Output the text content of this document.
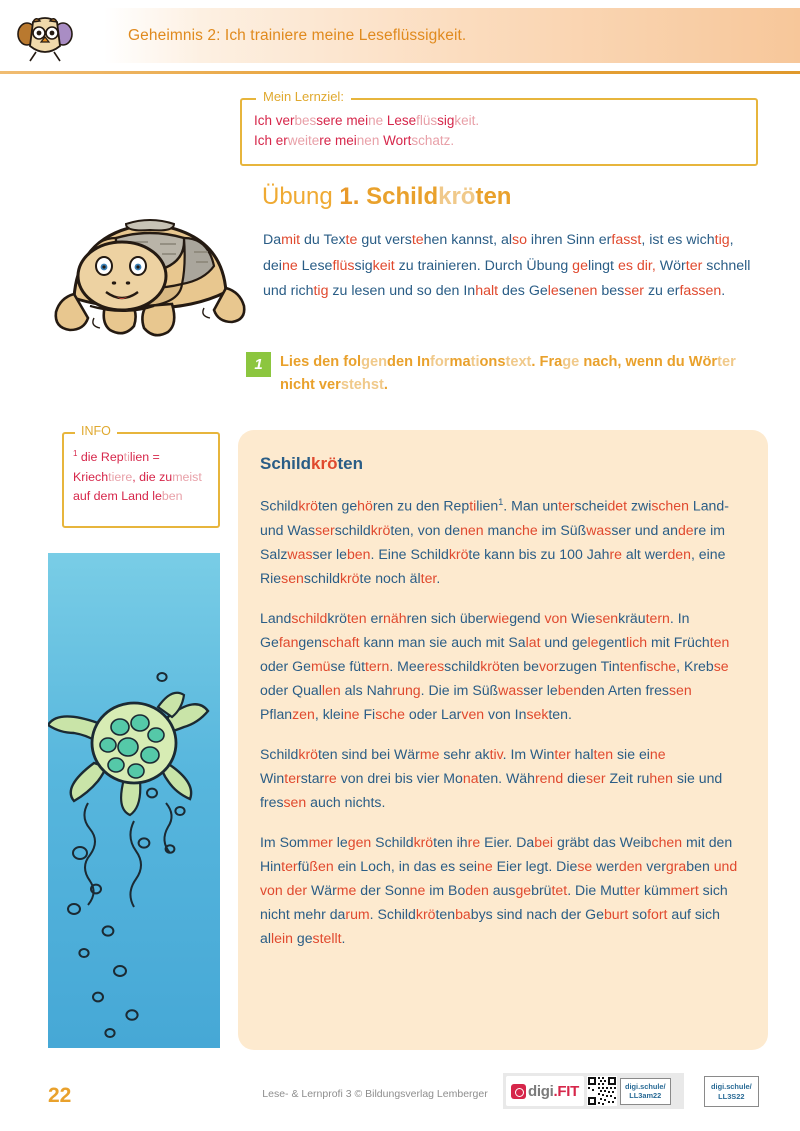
Geheimnis 2: Ich trainiere meine Leseflüssigkeit.
Mein Lernziel:
Ich verbessere meine Leseflüssigkeit.
Ich erweitere meinen Wortschatz.
Übung 1. Schildkröten
Damit du Texte gut verstehen kannst, also ihren Sinn erfasst, ist es wichtig, deine Leseflüssigkeit zu trainieren. Durch Übung gelingt es dir, Wörter schnell und richtig zu lesen und so den Inhalt des Gelesenen besser zu erfassen.
1	Lies den folgenden Informationstext. Frage nach, wenn du Wörter nicht verstehst.
INFO
$^1$ die Reptilien = Kriechtiere, die zumeist auf dem Land leben
Schildkröten

Schildkröten gehören zu den Reptilien$^1$. Man unterscheidet zwischen Land- und Wasserschildkröten, von denen manche im Süßwasser und andere im Salzwasser leben. Eine Schildkröte kann bis zu 100 Jahre alt werden, eine Riesenschildkröte noch älter.

Landschildkröten ernähren sich überwiegend von Wiesenkräutern. In Gefangenschaft kann man sie auch mit Salat und gelegentlich mit Früchten oder Gemüse füttern. Meeresschildkröten bevorzugen Tintenfische, Krebse oder Quallen als Nahrung. Die im Süßwasser lebenden Arten fressen Pflanzen, kleine Fische oder Larven von Insekten.

Schildkröten sind bei Wärme sehr aktiv. Im Winter halten sie eine Winterstarre von drei bis vier Monaten. Während dieser Zeit ruhen sie und fressen auch nichts.

Im Sommer legen Schildkröten ihre Eier. Dabei gräbt das Weibchen mit den Hinterfüßen ein Loch, in das es seine Eier legt. Diese werden vergraben und von der Wärme der Sonne im Boden ausgebrütet. Die Mutter kümmert sich nicht mehr darum. Schildkrötenbabys sind nach der Geburt sofort auf sich allein gestellt.

22	Lese- & Lernprofi 3 © Bildungsverlag Lemberger	digi.FIT	digi.schule/
LL3am22
digi.schule/
LL3S22
